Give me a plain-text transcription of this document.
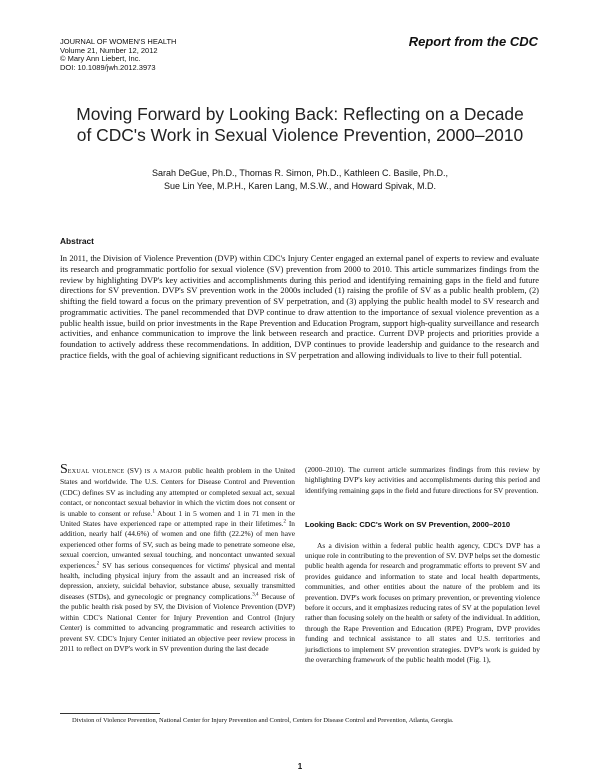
JOURNAL OF WOMEN'S HEALTH
Volume 21, Number 12, 2012
© Mary Ann Liebert, Inc.
DOI: 10.1089/jwh.2012.3973
Report from the CDC
Moving Forward by Looking Back: Reflecting on a Decade
of CDC's Work in Sexual Violence Prevention, 2000–2010
Sarah DeGue, Ph.D., Thomas R. Simon, Ph.D., Kathleen C. Basile, Ph.D.,
Sue Lin Yee, M.P.H., Karen Lang, M.S.W., and Howard Spivak, M.D.
Abstract

In 2011, the Division of Violence Prevention (DVP) within CDC's Injury Center engaged an external panel of experts to review and evaluate its research and programmatic portfolio for sexual violence (SV) prevention from 2000 to 2010. This article summarizes findings from the review by highlighting DVP's key activities and accomplishments during this period and identifying remaining gaps in the field and future directions for SV prevention. DVP's SV prevention work in the 2000s included (1) raising the profile of SV as a public health problem, (2) shifting the field toward a focus on the primary prevention of SV perpetration, and (3) applying the public health model to SV research and programmatic activities. The panel recommended that DVP continue to draw attention to the importance of sexual violence prevention as a public health issue, build on prior investments in the Rape Prevention and Education Program, support high-quality surveillance and research activities, and enhance communication to improve the link between research and practice. Current DVP projects and priorities provide a foundation to actively address these recommendations. In addition, DVP continues to provide leadership and guidance to the research and practice fields, with the goal of achieving significant reductions in SV perpetration and allowing individuals to live to their full potential.

SEXUAL VIOLENCE (SV) IS A MAJOR public health problem in the United States and worldwide. The U.S. Centers for Disease Control and Prevention (CDC) defines SV as including any attempted or completed sexual act, sexual contact, or noncontact sexual behavior in which the victim does not consent or is unable to consent or refuse.$^1$ About 1 in 5 women and 1 in 71 men in the United States have experienced rape or attempted rape in their lifetimes.$^2$ In addition, nearly half (44.6%) of women and one fifth (22.2%) of men have experienced other forms of SV, such as being made to penetrate someone else, sexual coercion, unwanted sexual touching, and noncontact unwanted sexual experiences.$^2$ SV has serious consequences for victims' physical and mental health, including physical injury from the assault and an increased risk of depression, anxiety, suicidal behavior, substance abuse, sexually transmitted diseases (STDs), and gynecologic or pregnancy complications.$^{3,4}$ Because of the public health risk posed by SV, the Division of Violence Prevention (DVP) within CDC's National Center for Injury Prevention and Control (Injury Center) is committed to advancing programmatic and research activities to prevent SV. CDC's Injury Center initiated an objective peer review process in 2011 to reflect on DVP's work in SV prevention during the last decade

(2000–2010). The current article summarizes findings from this review by highlighting DVP's key activities and accomplishments during this period and identifying remaining gaps in the field and future directions for SV prevention.

Looking Back: CDC's Work on SV Prevention, 2000–2010

As a division within a federal public health agency, CDC's DVP has a unique role in contributing to the prevention of SV. DVP helps set the domestic public health agenda for research and programmatic efforts to prevent SV and provides guidance and information to state and local health departments, communities, and other entities about the nature of the problem and its prevention. DVP's work focuses on primary prevention, or preventing violence before it occurs, and it emphasizes reducing rates of SV at the population level rather than focusing solely on the health or safety of the individual. In addition, through the Rape Prevention and Education (RPE) Program, DVP provides funding and technical assistance to all states and U.S. territories and jurisdictions to implement SV prevention strategies. DVP's work is guided by the overarching framework of the public health model (Fig. 1),

Division of Violence Prevention, National Center for Injury Prevention and Control, Centers for Disease Control and Prevention, Atlanta, Georgia.

1
